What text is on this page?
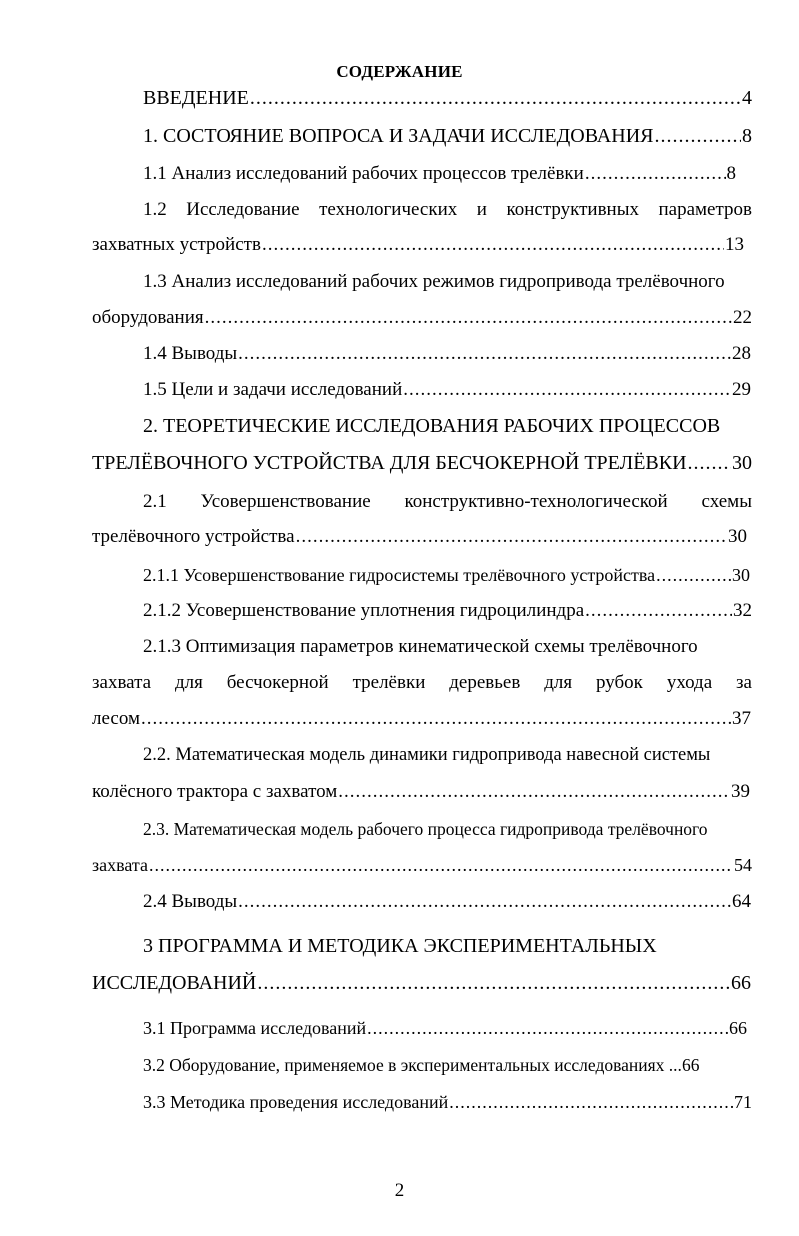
СОДЕРЖАНИЕ
ВВЕДЕНИЕ .....	4
1. СОСТОЯНИЕ ВОПРОСА И ЗАДАЧИ ИССЛЕДОВАНИЯ .....	8
1.1 Анализ исследований рабочих процессов трелёвки .....	8
1.2 Исследование технологических и конструктивных параметров
захватных устройств .....	13
1.3 Анализ исследований рабочих режимов гидропривода трелёвочного
оборудования .....	22
1.4 Выводы .....	28
1.5 Цели и задачи исследований .....	29
2. ТЕОРЕТИЧЕСКИЕ ИССЛЕДОВАНИЯ РАБОЧИХ ПРОЦЕССОВ
ТРЕЛЁВОЧНОГО УСТРОЙСТВА ДЛЯ БЕСЧОКЕРНОЙ ТРЕЛЁВКИ ..... 30
2.1 Усовершенствование конструктивно-технологической схемы
трелёвочного устройства .....	30
2.1.1 Усовершенствование гидросистемы трелёвочного устройства .....	30
2.1.2 Усовершенствование уплотнения гидроцилиндра .....	32
2.1.3 Оптимизация параметров кинематической схемы трелёвочного
захвата для бесчокерной трелёвки деревьев для рубок ухода за
лесом .....	37
2.2. Математическая модель динамики гидропривода навесной системы
колёсного трактора с захватом .....	39
2.3. Математическая модель рабочего процесса гидропривода трелёвочного
захвата .....	54
2.4 Выводы .....	64
3 ПРОГРАММА И МЕТОДИКА ЭКСПЕРИМЕНТАЛЬНЫХ
ИССЛЕДОВАНИЙ .....	66
3.1 Программа исследований .....	66
3.2 Оборудование, применяемое в экспериментальных исследованиях ...66
3.3 Методика проведения исследований .....	71
2
